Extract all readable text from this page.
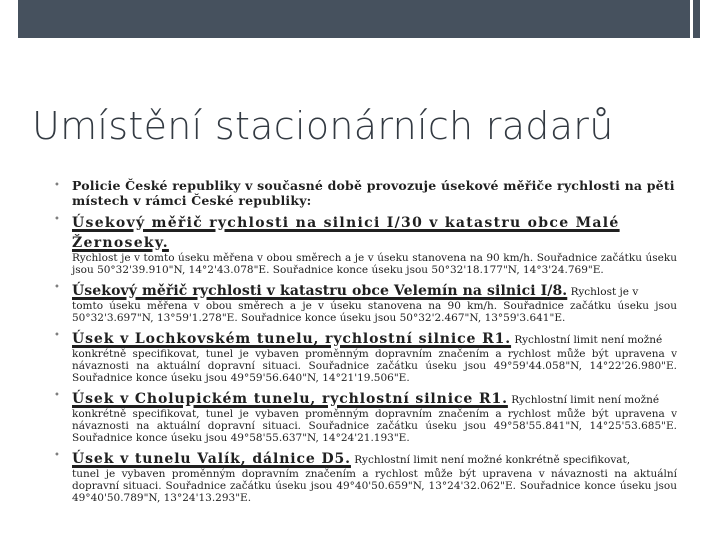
Umístění stacionárních radarů
• Policie České republiky v současné době provozuje úsekové měřiče rychlosti na pěti místech v rámci České republiky:
• Úsekový měřič rychlosti na silnici I/30 v katastru obce Malé Žernoseky.
Rychlost je v tomto úseku měřena v obou směrech a je v úseku stanovena na 90 km/h. Souřadnice začátku úseku jsou 50°32'39.910"N, 14°2'43.078"E. Souřadnice konce úseku jsou 50°32'18.177"N, 14°3'24.769"E.
• Úsekový měřič rychlosti v katastru obce Velemín na silnici I/8. Rychlost je v
tomto úseku měřena v obou směrech a je v úseku stanovena na 90 km/h. Souřadnice začátku úseku jsou 50°32'3.697"N, 13°59'1.278"E. Souřadnice konce úseku jsou 50°32'2.467"N, 13°59'3.641"E.
• Úsek v Lochkovském tunelu, rychlostní silnice R1. Rychlostní limit není možné
konkrétně specifikovat, tunel je vybaven proměnným dopravním značením a rychlost může být upravena v návaznosti na aktuální dopravní situaci. Souřadnice začátku úseku jsou 49°59'44.058"N, 14°22'26.980"E. Souřadnice konce úseku jsou 49°59'56.640"N, 14°21'19.506"E.
• Úsek v Cholupickém tunelu, rychlostní silnice R1. Rychlostní limit není možné
konkrétně specifikovat, tunel je vybaven proměnným dopravním značením a rychlost může být upravena v návaznosti na aktuální dopravní situaci. Souřadnice začátku úseku jsou 49°58'55.841"N, 14°25'53.685"E. Souřadnice konce úseku jsou 49°58'55.637"N, 14°24'21.193"E.
• Úsek v tunelu Valík, dálnice D5. Rychlostní limit není možné konkrétně specifikovat,
tunel je vybaven proměnným dopravním značením a rychlost může být upravena v návaznosti na aktuální dopravní situaci. Souřadnice začátku úseku jsou 49°40'50.659"N, 13°24'32.062"E. Souřadnice konce úseku jsou 49°40'50.789"N, 13°24'13.293"E.
